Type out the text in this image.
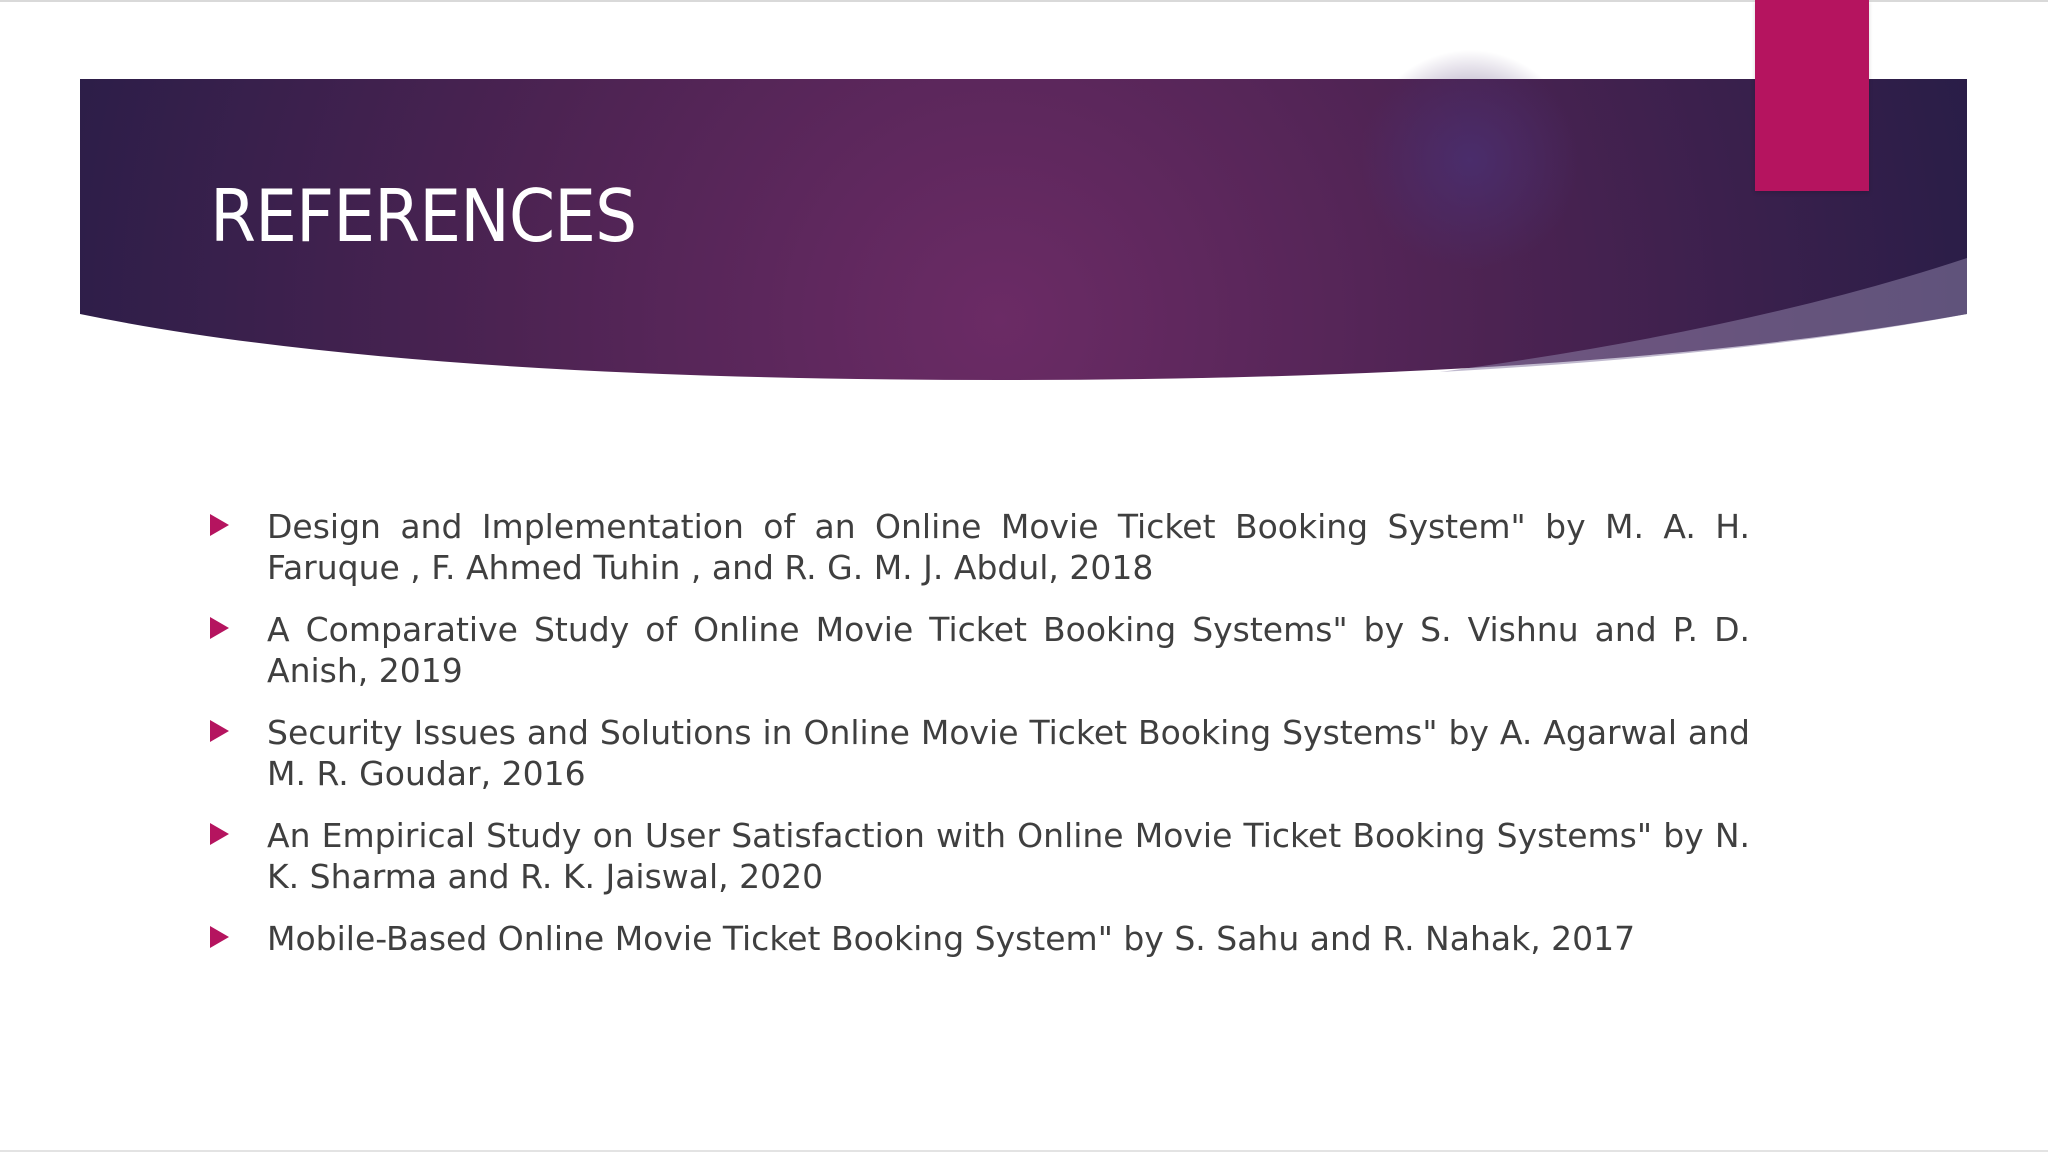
REFERENCES
Design and Implementation of an Online Movie Ticket Booking System" by M. A. H. Faruque , F. Ahmed Tuhin , and R. G. M. J. Abdul, 2018
A Comparative Study of Online Movie Ticket Booking Systems" by S. Vishnu and P. D. Anish, 2019
Security Issues and Solutions in Online Movie Ticket Booking Systems" by A. Agarwal and M. R. Goudar, 2016
An Empirical Study on User Satisfaction with Online Movie Ticket Booking Systems" by N. K. Sharma and R. K. Jaiswal, 2020
Mobile-Based Online Movie Ticket Booking System" by S. Sahu and R. Nahak, 2017
